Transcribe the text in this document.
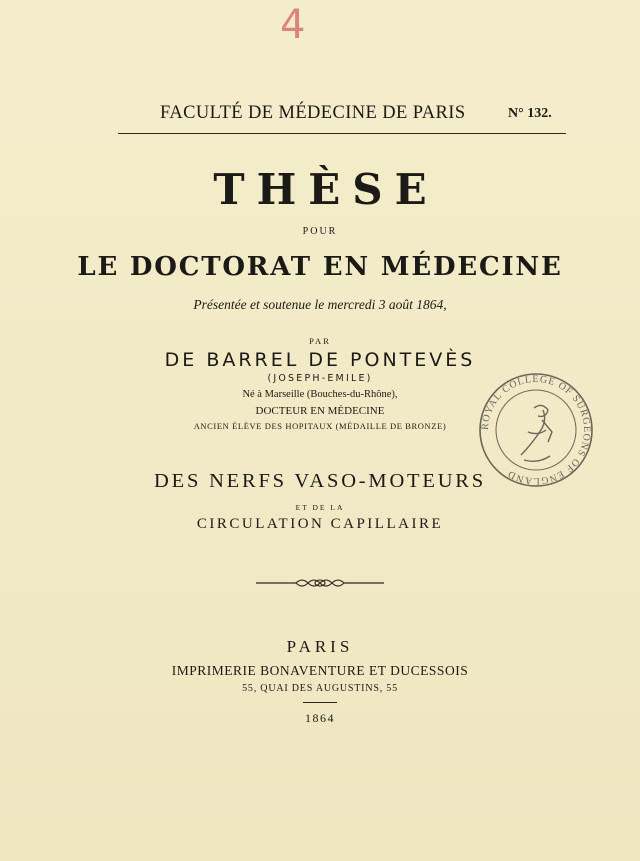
4
FACULTÉ DE MÉDECINE DE PARIS	N° 132.
THÈSE
POUR
LE DOCTORAT EN MÉDECINE
Présentée et soutenue le mercredi 3 août 1864,
PAR
DE BARREL DE PONTEVÈS
(JOSEPH-EMILE)
Né à Marseille (Bouches-du-Rhône),
DOCTEUR EN MÉDECINE
ANCIEN ÉLÈVE DES HOPITAUX (MÉDAILLE DE BRONZE)
DES NERFS VASO-MOTEURS
ET DE LA
CIRCULATION CAPILLAIRE
PARIS
IMPRIMERIE BONAVENTURE ET DUCESSOIS
55, QUAI DES AUGUSTINS, 55
1864
ROYAL COLLEGE OF SURGEONS OF ENGLAND
